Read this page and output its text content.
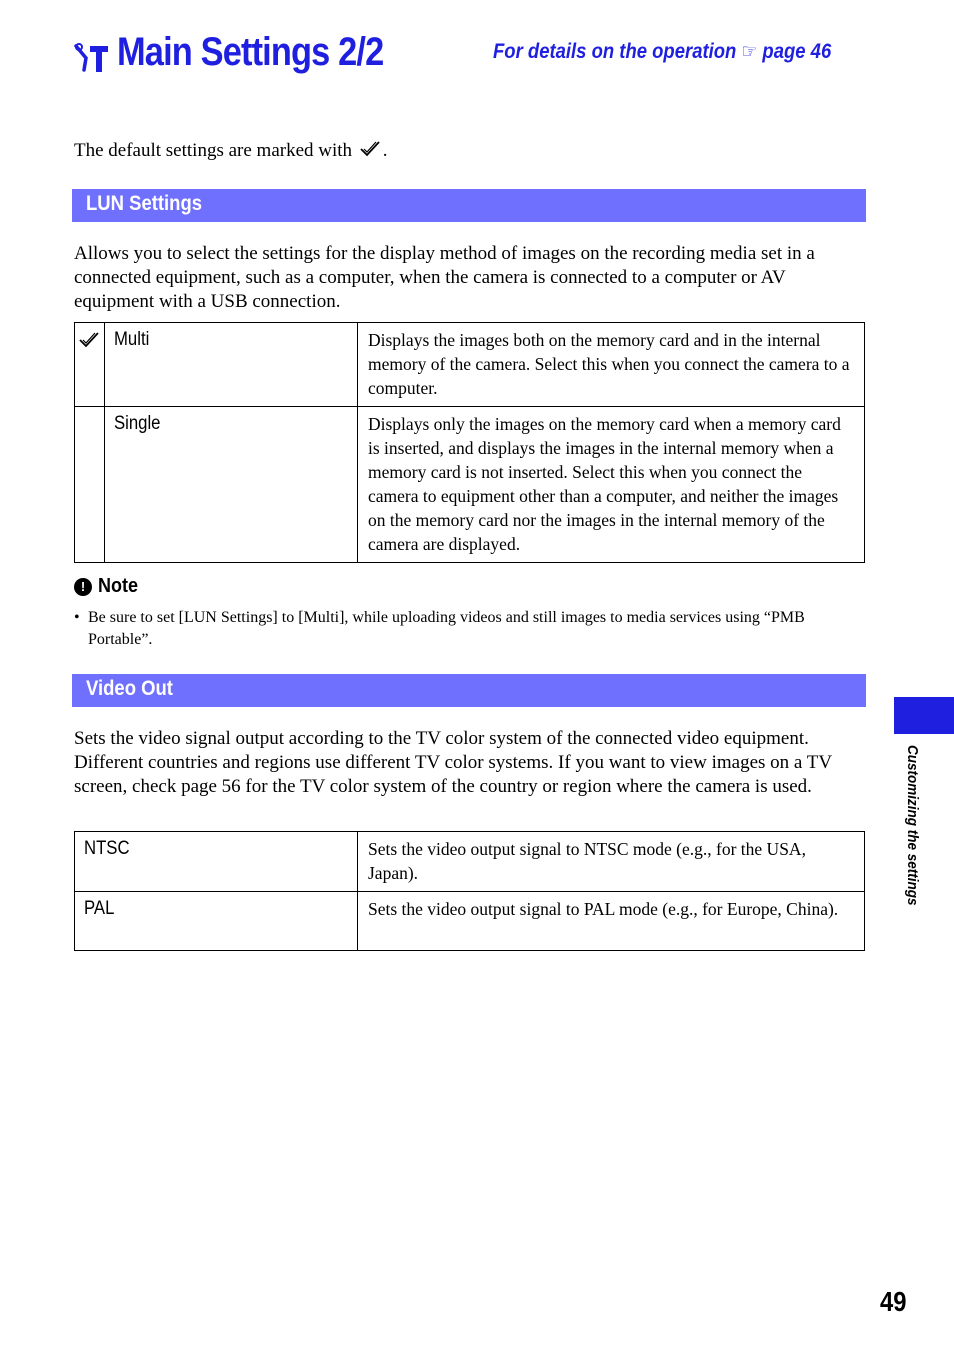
Main Settings 2/2	For details on the operation ☞ page 46
The default settings are marked with .
LUN Settings
Allows you to select the settings for the display method of images on the recording media set in a connected equipment, such as a computer, when the camera is connected to a computer or AV equipment with a USB connection.
	Multi	Displays the images both on the memory card and in the internal memory of the camera. Select this when you connect the camera to a computer.
	Single	Displays only the images on the memory card when a memory card is inserted, and displays the images in the internal memory when a memory card is not inserted. Select this when you connect the camera to equipment other than a computer, and neither the images on the memory card nor the images in the internal memory of the camera are displayed.
! Note
• Be sure to set [LUN Settings] to [Multi], while uploading videos and still images to media services using “PMB Portable”.
Video Out
Sets the video signal output according to the TV color system of the connected video equipment. Different countries and regions use different TV color systems. If you want to view images on a TV screen, check page 56 for the TV color system of the country or region where the camera is used.
NTSC	Sets the video output signal to NTSC mode (e.g., for the USA, Japan).
PAL	Sets the video output signal to PAL mode (e.g., for Europe, China).
Customizing the settings
49
